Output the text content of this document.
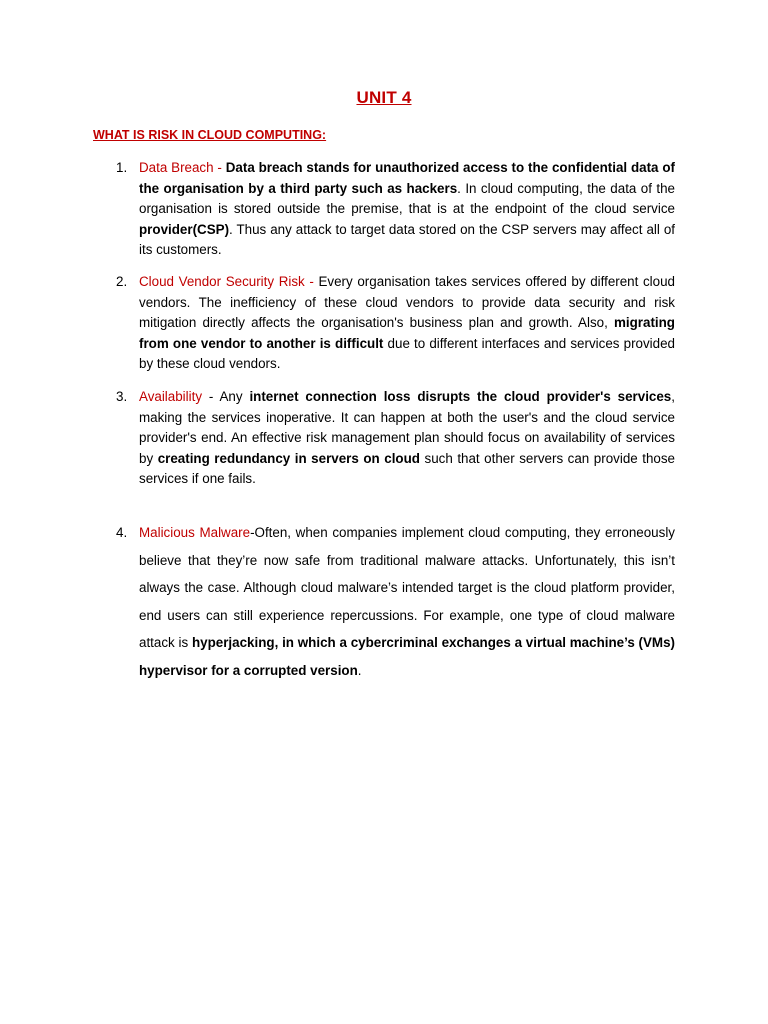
UNIT 4
WHAT IS RISK IN CLOUD COMPUTING:
1. Data Breach - Data breach stands for unauthorized access to the confidential data of the organisation by a third party such as hackers. In cloud computing, the data of the organisation is stored outside the premise, that is at the endpoint of the cloud service provider(CSP). Thus any attack to target data stored on the CSP servers may affect all of its customers.
2. Cloud Vendor Security Risk - Every organisation takes services offered by different cloud vendors. The inefficiency of these cloud vendors to provide data security and risk mitigation directly affects the organisation's business plan and growth. Also, migrating from one vendor to another is difficult due to different interfaces and services provided by these cloud vendors.
3. Availability - Any internet connection loss disrupts the cloud provider's services, making the services inoperative. It can happen at both the user's and the cloud service provider's end. An effective risk management plan should focus on availability of services by creating redundancy in servers on cloud such that other servers can provide those services if one fails.
4. Malicious Malware-Often, when companies implement cloud computing, they erroneously believe that they’re now safe from traditional malware attacks. Unfortunately, this isn’t always the case. Although cloud malware’s intended target is the cloud platform provider, end users can still experience repercussions. For example, one type of cloud malware attack is hyperjacking, in which a cybercriminal exchanges a virtual machine’s (VMs) hypervisor for a corrupted version.
